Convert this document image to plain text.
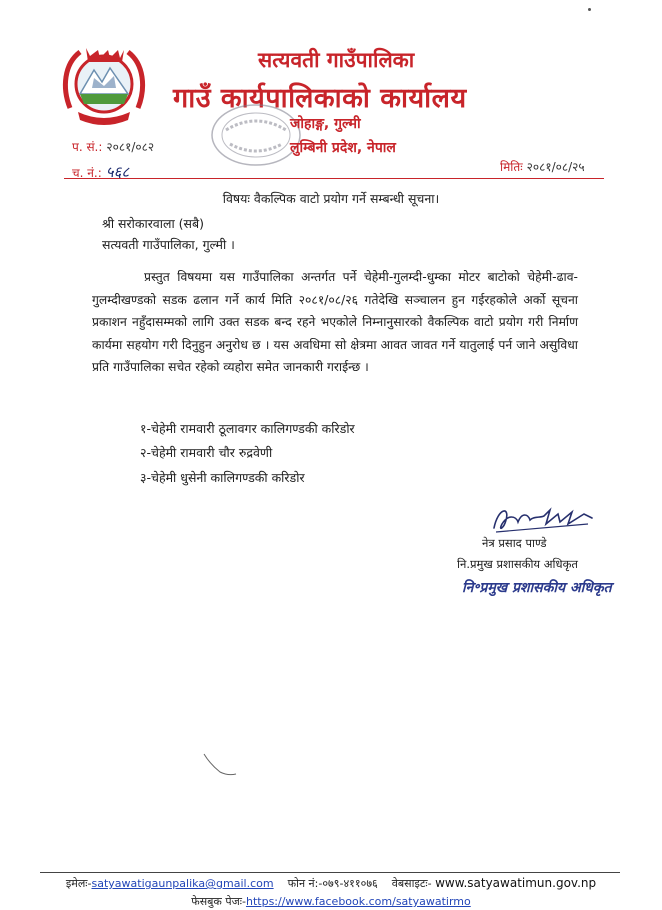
सत्यवती गाउँपालिका
गाउँ कार्यपालिकाको कार्यालय
जोहाङ्ग, गुल्मी
लुम्बिनी प्रदेश, नेपाल
प. सं.: २०८१/०८२
च. नं.: ५६८	मितिः २०८१/०८/२५
विषयः वैकल्पिक वाटो प्रयोग गर्ने सम्बन्धी सूचना।
श्री सरोकारवाला (सबै)
सत्यवती गाउँपालिका, गुल्मी ।
प्रस्तुत विषयमा यस गाउँपालिका अन्तर्गत पर्ने चेहेमी-गुलम्दी-धुम्का मोटर बाटोको चेहेमी-ढाव-गुलम्दीखण्डको सडक ढलान गर्ने कार्य मिति २०८१/०८/२६ गतेदेखि सञ्चालन हुन गईरहकोले अर्को सूचना प्रकाशन नहुँदासम्मको लागि उक्त सडक बन्द रहने भएकोले निम्नानुसारको वैकल्पिक वाटो प्रयोग गरी निर्माण कार्यमा सहयोग गरी दिनुहुन अनुरोध छ । यस अवधिमा सो क्षेत्रमा आवत जावत गर्ने यातुलाई पर्न जाने असुविधा प्रति गाउँपालिका सचेत रहेको व्यहोरा समेत जानकारी गराईन्छ ।
१-चेहेमी रामवारी ठूलावगर कालिगण्डकी करिडोर
२-चेहेमी रामवारी चौर रुद्रवेणी
३-चेहेमी धुसेनी कालिगण्डकी करिडोर
नेत्र प्रसाद पाण्डे
नि.प्रमुख प्रशासकीय अधिकृत
नि॰प्रमुख प्रशासकीय अधिकृत
इमेलः-satyawatigaunpalika@gmail.com फोन नं:-०७९-४११०७६ वेबसाइटः- www.satyawatimun.gov.np
फेसबुक पेजः-https://www.facebook.com/satyawatirmo
